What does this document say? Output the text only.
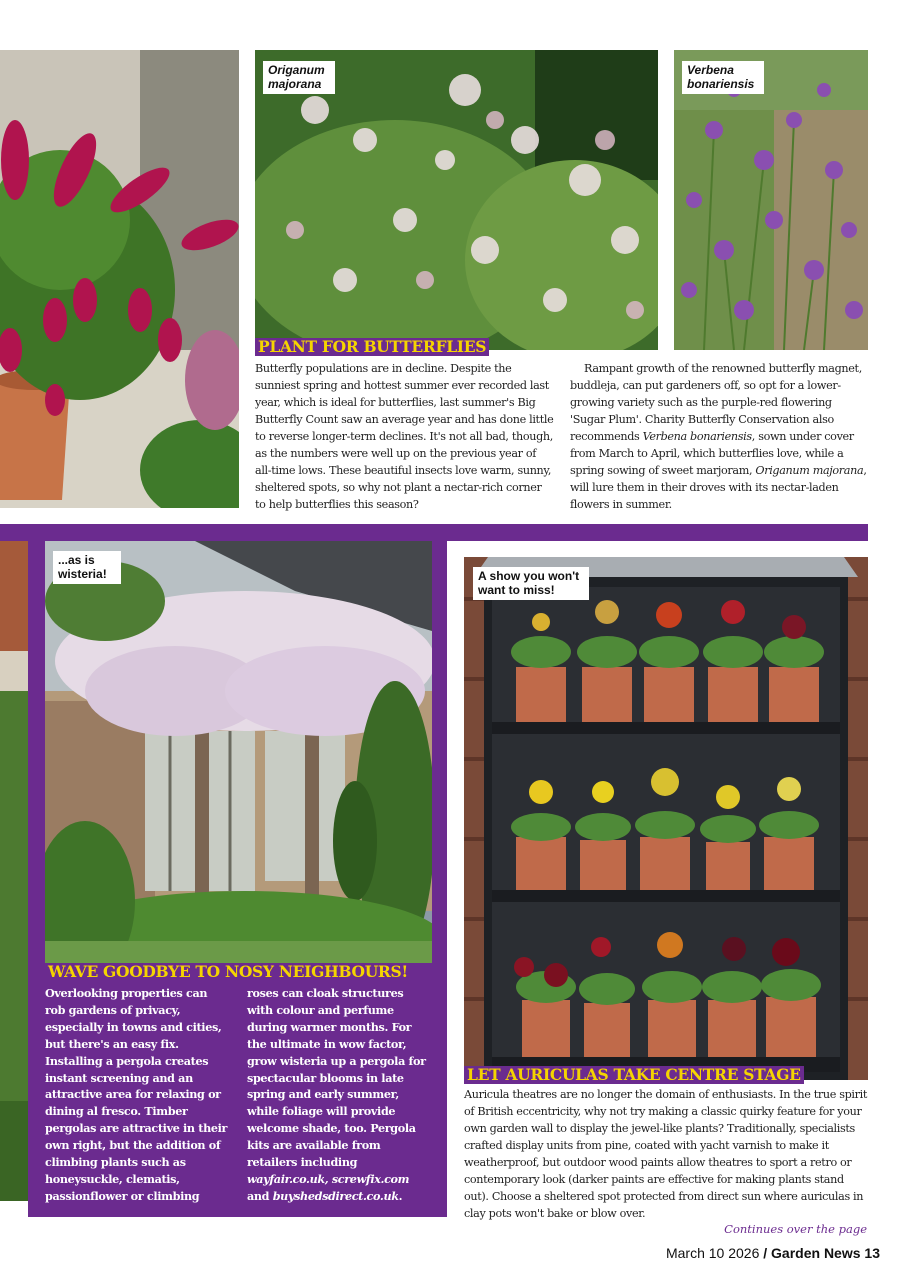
Origanum majorana
Verbena bonariensis
PLANT FOR BUTTERFLIES

Butterfly populations are in decline. Despite the sunniest spring and hottest summer ever recorded last year, which is ideal for butterflies, last summer's Big Butterfly Count saw an average year and has done little to reverse longer-term declines. It's not all bad, though, as the numbers were well up on the previous year of all-time lows. These beautiful insects love warm, sunny, sheltered spots, so why not plant a nectar-rich corner to help butterflies this season?

Rampant growth of the renowned butterfly magnet, buddleja, can put gardeners off, so opt for a lower-growing variety such as the purple-red flowering 'Sugar Plum'. Charity Butterfly Conservation also recommends Verbena bonariensis, sown under cover from March to April, which butterflies love, while a spring sowing of sweet marjoram, Origanum majorana, will lure them in their droves with its nectar-laden flowers in summer.

...as is wisteria!
WAVE GOODBYE TO NOSY NEIGHBOURS!

Overlooking properties can rob gardens of privacy, especially in towns and cities, but there's an easy fix. Installing a pergola creates instant screening and an attractive area for relaxing or dining al fresco. Timber pergolas are attractive in their own right, but the addition of climbing plants such as honeysuckle, clematis, passionflower or climbing

roses can cloak structures with colour and perfume during warmer months. For the ultimate in wow factor, grow wisteria up a pergola for spectacular blooms in late spring and early summer, while foliage will provide welcome shade, too. Pergola kits are available from retailers including wayfair.co.uk, screwfix.com and buyshedsdirect.co.uk.

A show you won't want to miss!
LET AURICULAS TAKE CENTRE STAGE

Auricula theatres are no longer the domain of enthusiasts. In the true spirit of British eccentricity, why not try making a classic quirky feature for your own garden wall to display the jewel-like plants? Traditionally, specialists crafted display units from pine, coated with yacht varnish to make it weatherproof, but outdoor wood paints allow theatres to sport a retro or contemporary look (darker paints are effective for making plants stand out). Choose a sheltered spot protected from direct sun where auriculas in clay pots won't bake or blow over.

Continues over the page
March 10 2026 / Garden News 13
